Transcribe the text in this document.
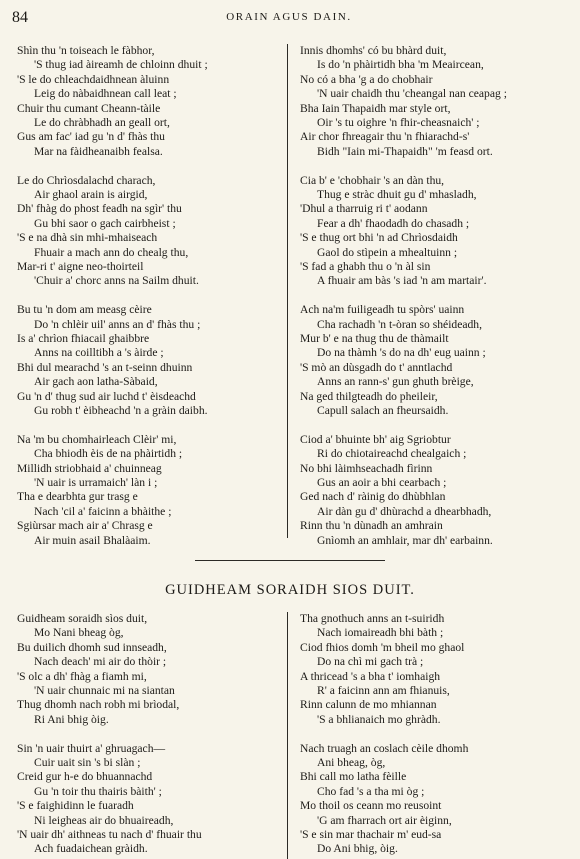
84	ORAIN AGUS DAIN.
Shìn thu 'n toiseach le fàbhor,
'S thug iad àireamh de chloinn dhuit ;
'S le do chleachdaidhnean àluinn
Leig do nàbaidhnean call leat ;
Chuir thu cumant Cheann-tàile
Le do chràbhadh an geall ort,
Gus am fac' iad gu 'n d' fhàs thu
Mar na fàidheanaibh fealsa.
Le do Chrìosdalachd charach,
Air ghaol arain is airgid,
Dh' fhàg do phost feadh na sgìr' thu
Gu bhi saor o gach cairbheist ;
'S e na dhà sin mhi-mhaiseach
Fhuair a mach ann do chealg thu,
Mar-ri t' aigne neo-thoirteil
'Chuir a' chorc anns na Sailm dhuit.
Bu tu 'n dom am measg cèire
Do 'n chlèir uil' anns an d' fhàs thu ;
Is a' chrìon fhiacail ghaibbre
Anns na coilltibh a 's àirde ;
Bhi dul mearachd 's an t-seinn dhuinn
Air gach aon latha-Sàbaid,
Gu 'n d' thug sud air luchd t' èisdeachd
Gu robh t' èibheachd 'n a gràin daibh.
Na 'm bu chomhairleach Clèir' mi,
Cha bhiodh èis de na phàirtidh ;
Millidh striobhaid a' chuinneag
'N uair is urramaich' làn i ;
Tha e dearbhta gur trasg e
Nach 'cil a' faicinn a bhàithe ;
Sgiùrsar mach air a' Chrasg e
Air muin asail Bhalàaim.
Innis dhomhs' có bu bhàrd duit,
Is do 'n phàirtidh bha 'm Meaircean,
No có a bha 'g a do chobhair
'N uair chaidh thu 'cheangal nan ceapag ;
Bha Iain Thapaidh mar style ort,
Oir 's tu oighre 'n fhir-cheasnaich' ;
Air chor fhreagair thu 'n fhiarachd-s'
Bidh "Iain mi-Thapaidh" 'm feasd ort.
Cia b' e 'chobhair 's an dàn thu,
Thug e stràc dhuit gu d' mhasladh,
'Dhul a tharruig ri t' aodann
Fear a dh' fhaodadh do chasadh ;
'S e thug ort bhi 'n ad Chrìosdaidh
Gaol do stìpein a mhealtuinn ;
'S fad a ghabh thu o 'n àl sin
A fhuair am bàs 's iad 'n am martair'.
Ach na'm fuiligeadh tu spòrs' uainn
Cha rachadh 'n t-òran so shéideadh,
Mur b' e na thug thu de thàmailt
Do na thàmh 's do na dh' eug uainn ;
'S mò an dùsgadh do t' anntlachd
Anns an rann-s' gun ghuth brèige,
Na ged thilgteadh do pheileir,
Capull salach an fheursaidh.
Ciod a' bhuinte bh' aig Sgriobtur
Ri do chiotaireachd chealgaich ;
No bhi làimhseachadh fìrinn
Gus an aoir a bhi cearbach ;
Ged nach d' ràinig do dhùbhlan
Air dàn gu d' dhùrachd a dhearbhadh,
Rinn thu 'n dùnadh an amhrain
Gnìomh an amhlair, mar dh' earbainn.
GUIDHEAM SORAIDH SIOS DUIT.
Guidheam soraidh sìos duit,
Mo Nani bheag òg,
Bu duilich dhomh sud innseadh,
Nach deach' mi air do thòir ;
'S olc a dh' fhàg a fiamh mi,
'N uair chunnaic mi na siantan
Thug dhomh nach robh mi brìodal,
Ri Ani bhig òig.
Sin 'n uair thuirt a' ghruagach—
Cuir uait sin 's bi slàn ;
Creid gur h-e do bhuannachd
Gu 'n toir thu thairis bàith' ;
'S e faighidinn le fuaradh
Ni leigheas air do bhuaireadh,
'N uair dh' aithneas tu nach d' fhuair thu
Ach fuadaichean gràidh.
Tha gnothuch anns an t-suiridh
Nach iomaireadh bhi bàth ;
Ciod fhios domh 'm bheil mo ghaol
Do na chì mi gach trà ;
A thricead 's a bha t' iomhaigh
R' a faicinn ann am fhianuis,
Rinn calunn de mo mhiannan
'S a bhlianaich mo ghràdh.
Nach truagh an coslach cèile dhomh
Ani bheag, òg,
Bhi call mo latha fèille
Cho fad 's a tha mi òg ;
Mo thoil os ceann mo reusoint
'G am fharrach ort air èiginn,
'S e sin mar thachair m' eud-sa
Do Ani bhig, òig.
